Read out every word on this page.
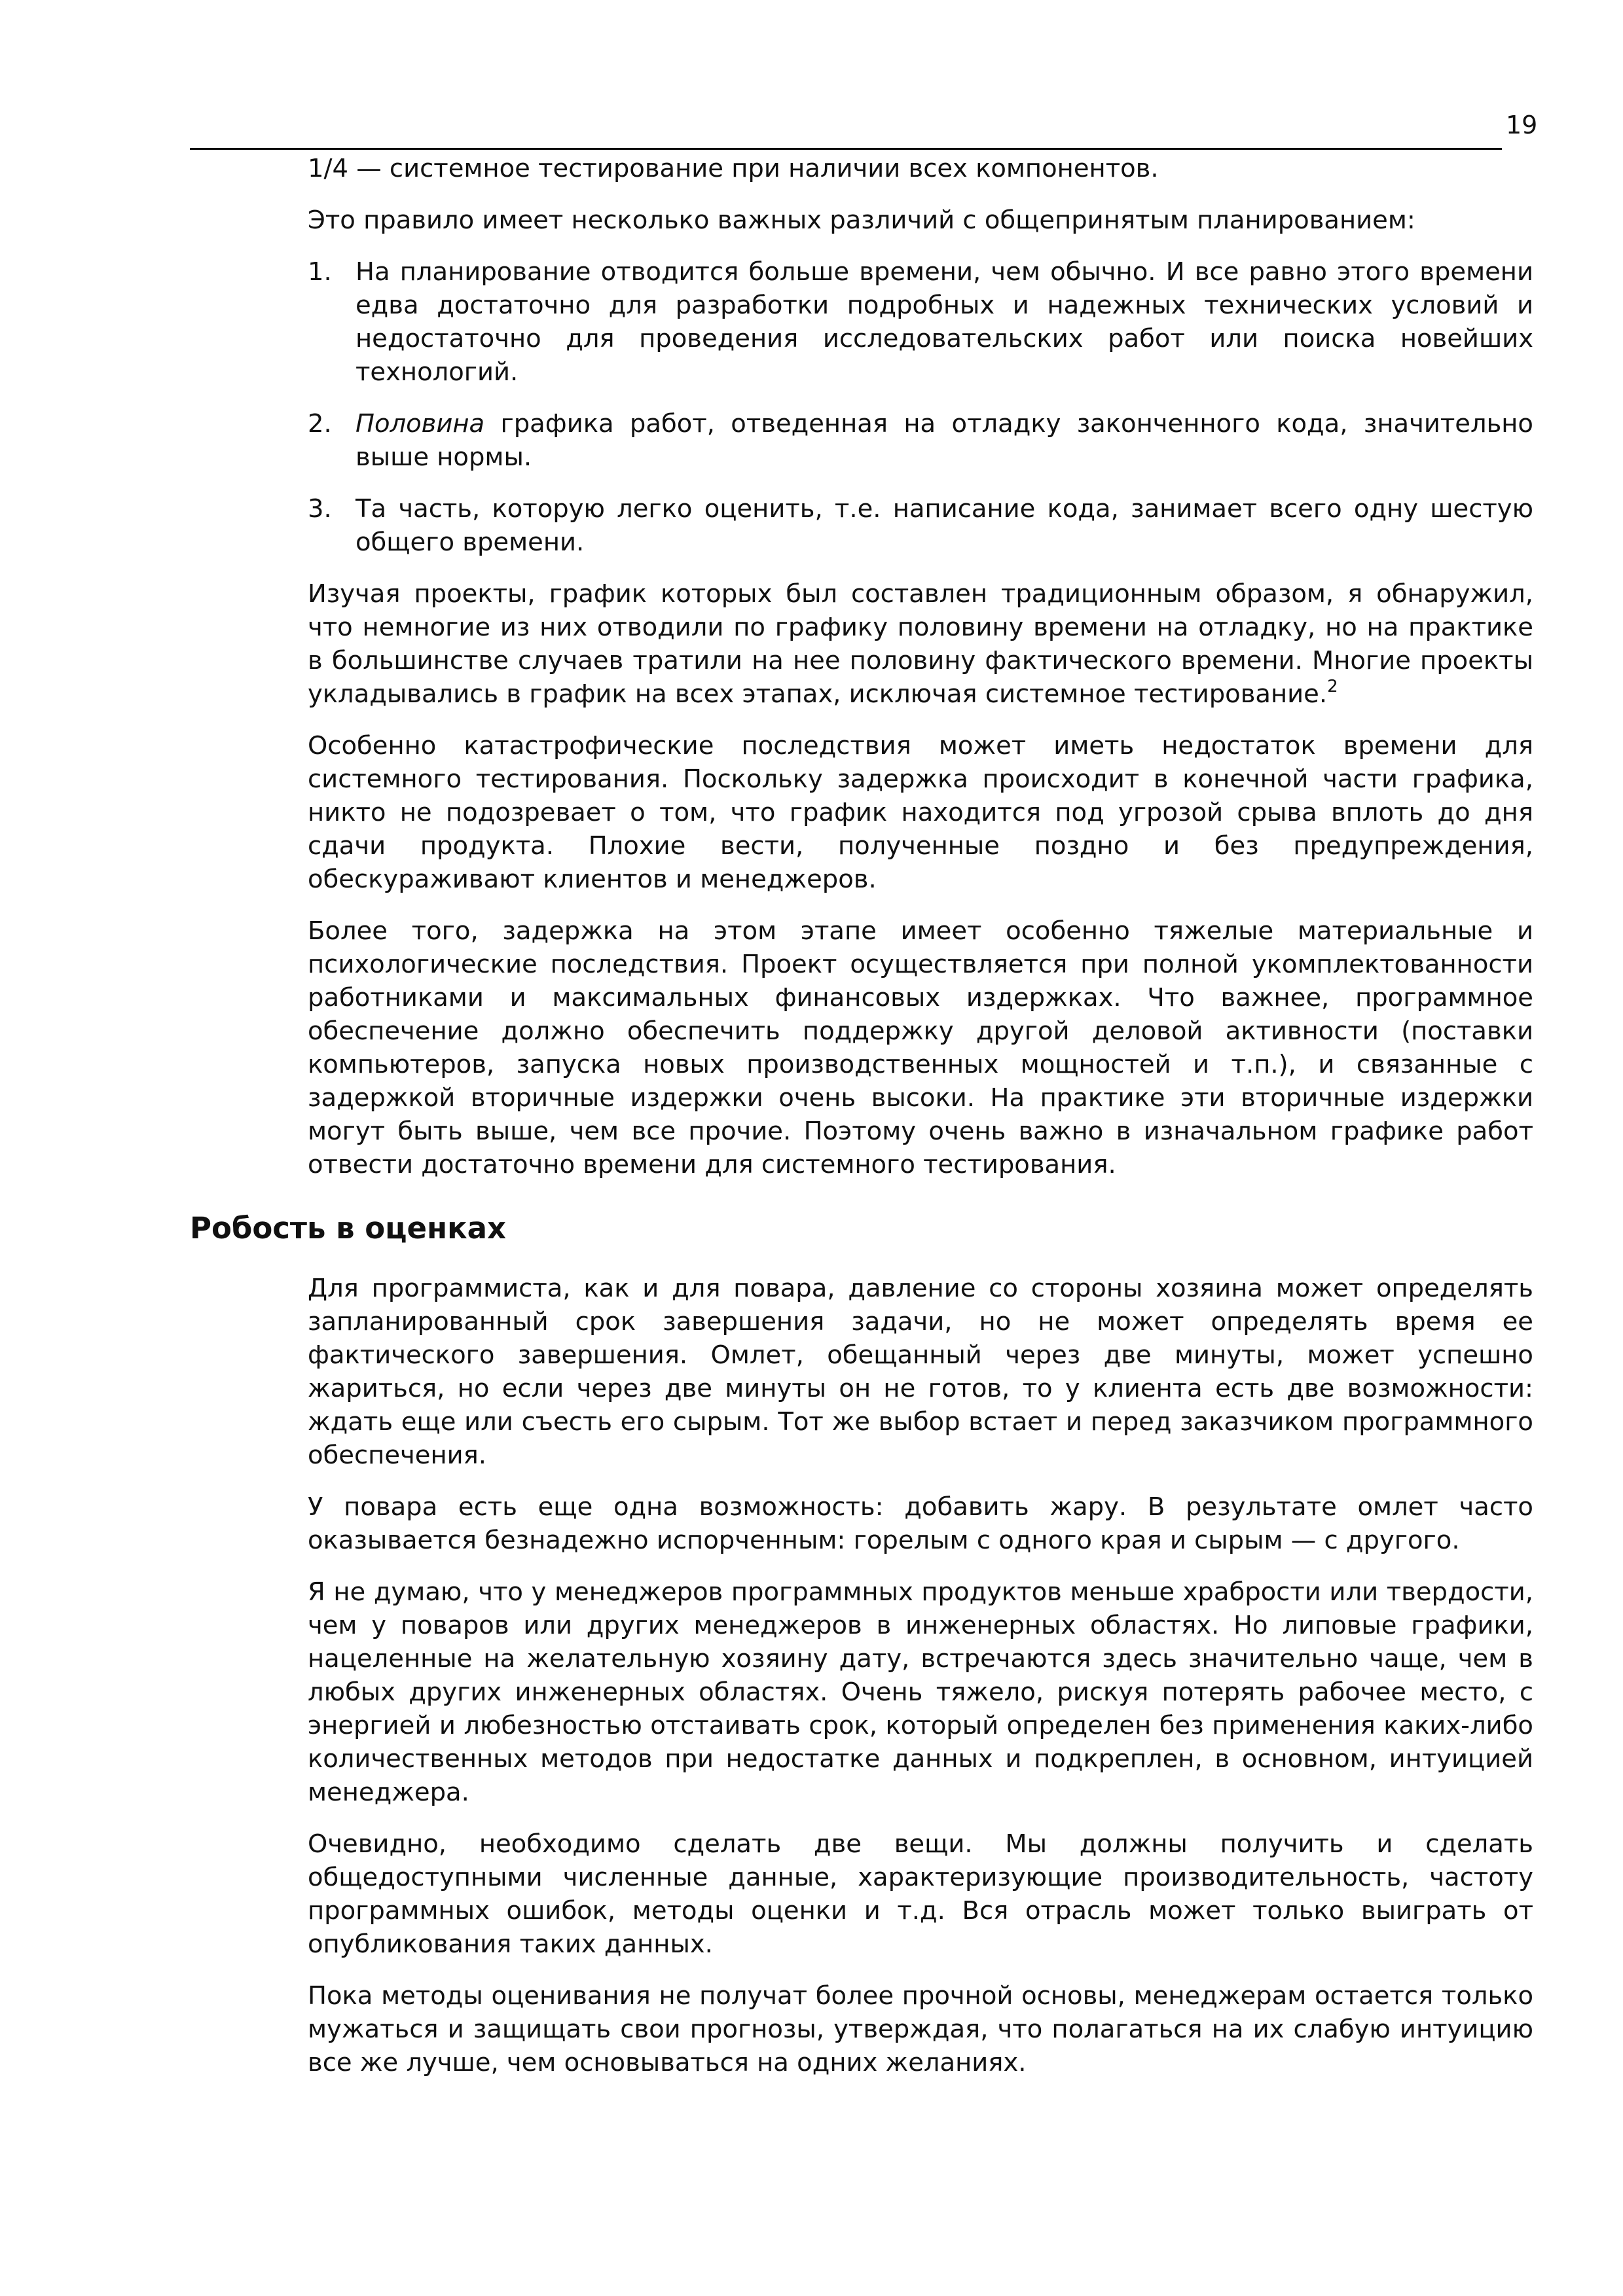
19

1/4 — системное тестирование при наличии всех компонентов.

Это правило имеет несколько важных различий с общепринятым планированием:

1. На планирование отводится больше времени, чем обычно. И все равно этого времени едва достаточно для разработки подробных и надежных технических условий и недостаточно для проведения исследовательских работ или поиска новейших технологий.
2. Половина графика работ, отведенная на отладку законченного кода, значительно выше нормы.
3. Та часть, которую легко оценить, т.е. написание кода, занимает всего одну шестую общего времени.

Изучая проекты, график которых был составлен традиционным образом, я обнаружил, что немногие из них отводили по графику половину времени на отладку, но на практике в большинстве случаев тратили на нее половину фактического времени. Многие проекты укладывались в график на всех этапах, исключая системное тестирование.$^2$

Особенно катастрофические последствия может иметь недостаток времени для системного тестирования. Поскольку задержка происходит в конечной части графика, никто не подозревает о том, что график находится под угрозой срыва вплоть до дня сдачи продукта. Плохие вести, полученные поздно и без предупреждения, обескураживают клиентов и менеджеров.

Более того, задержка на этом этапе имеет особенно тяжелые материальные и психологические последствия. Проект осуществляется при полной укомплектованности работниками и максимальных финансовых издержках. Что важнее, программное обеспечение должно обеспечить поддержку другой деловой активности (поставки компьютеров, запуска новых производственных мощностей и т.п.), и связанные с задержкой вторичные издержки очень высоки. На практике эти вторичные издержки могут быть выше, чем все прочие. Поэтому очень важно в изначальном графике работ отвести достаточно времени для системного тестирования.

Робость в оценках

Для программиста, как и для повара, давление со стороны хозяина может определять запланированный срок завершения задачи, но не может определять время ее фактического завершения. Омлет, обещанный через две минуты, может успешно жариться, но если через две минуты он не готов, то у клиента есть две возможности: ждать еще или съесть его сырым. Тот же выбор встает и перед заказчиком программного обеспечения.

У повара есть еще одна возможность: добавить жару. В результате омлет часто оказывается безнадежно испорченным: горелым с одного края и сырым — с другого.

Я не думаю, что у менеджеров программных продуктов меньше храбрости или твердости, чем у поваров или других менеджеров в инженерных областях. Но липовые графики, нацеленные на желательную хозяину дату, встречаются здесь значительно чаще, чем в любых других инженерных областях. Очень тяжело, рискуя потерять рабочее место, с энергией и любезностью отстаивать срок, который определен без применения каких-либо количественных методов при недостатке данных и подкреплен, в основном, интуицией менеджера.

Очевидно, необходимо сделать две вещи. Мы должны получить и сделать общедоступными численные данные, характеризующие производительность, частоту программных ошибок, методы оценки и т.д. Вся отрасль может только выиграть от опубликования таких данных.

Пока методы оценивания не получат более прочной основы, менеджерам остается только мужаться и защищать свои прогнозы, утверждая, что полагаться на их слабую интуицию все же лучше, чем основываться на одних желаниях.
